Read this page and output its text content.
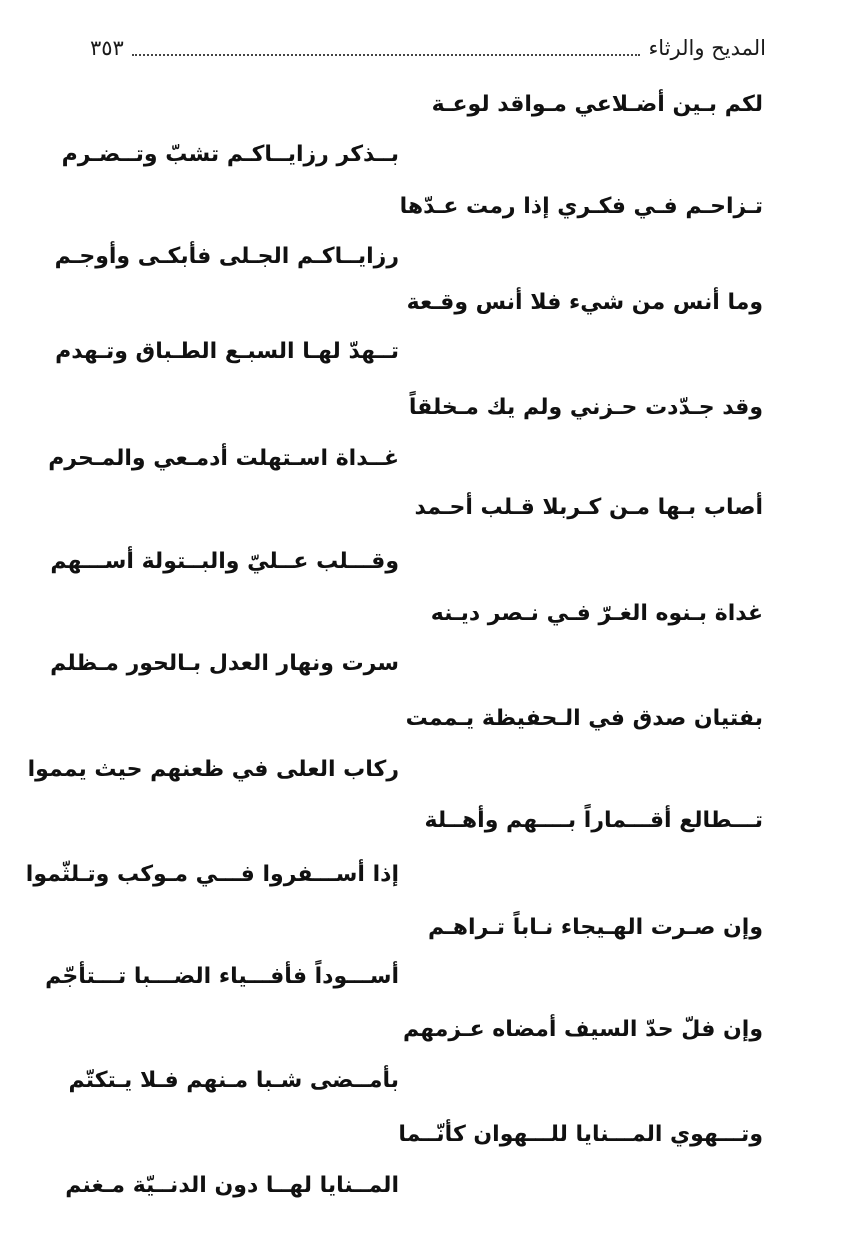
المديح والرثاء
٣٥٣
لكم بـين أضـلاعي مـواقد لوعـة
بــذكر رزايــاكـم تشبّ وتــضـرم
تـزاحـم فـي فكـري إذا رمت عـدّها
رزايــاكـم الجـلى فأبكـى وأوجـم
وما أنس من شيء فلا أنس وقـعة
تــهدّ لهـا السبـع الطـباق وتـهدم
وقد جـدّدت حـزني ولم يك مـخلقاً
غــداة اسـتهلت أدمـعي والمـحرم
أصاب بـها مـن كـربلا قـلب أحـمد
وقـــلب عــليّ والبــتولة أســـهم
غداة بـنوه الغـرّ فـي نـصر ديـنه
سرت ونهار العدل بـالحور مـظلم
بفتيان صدق في الـحفيظة يـممت
ركاب العلى في ظعنهم حيث يمموا
تـــطالع أقـــماراً بــــهم وأهــلة
إذا أســـفروا فـــي مـوكب وتـلثّموا
وإن صـرت الهـيجاء نـاباً تـراهـم
أســـوداً فأفـــياء الضـــبا تـــتأجّم
وإن فلّ حدّ السيف أمضاه عـزمهم
بأمــضى شـبا مـنهم فـلا يـتكتّم
وتـــهوي المـــنايا للـــهوان كأنّــما
المــنايا لهــا دون الدنــيّة مـغنم
